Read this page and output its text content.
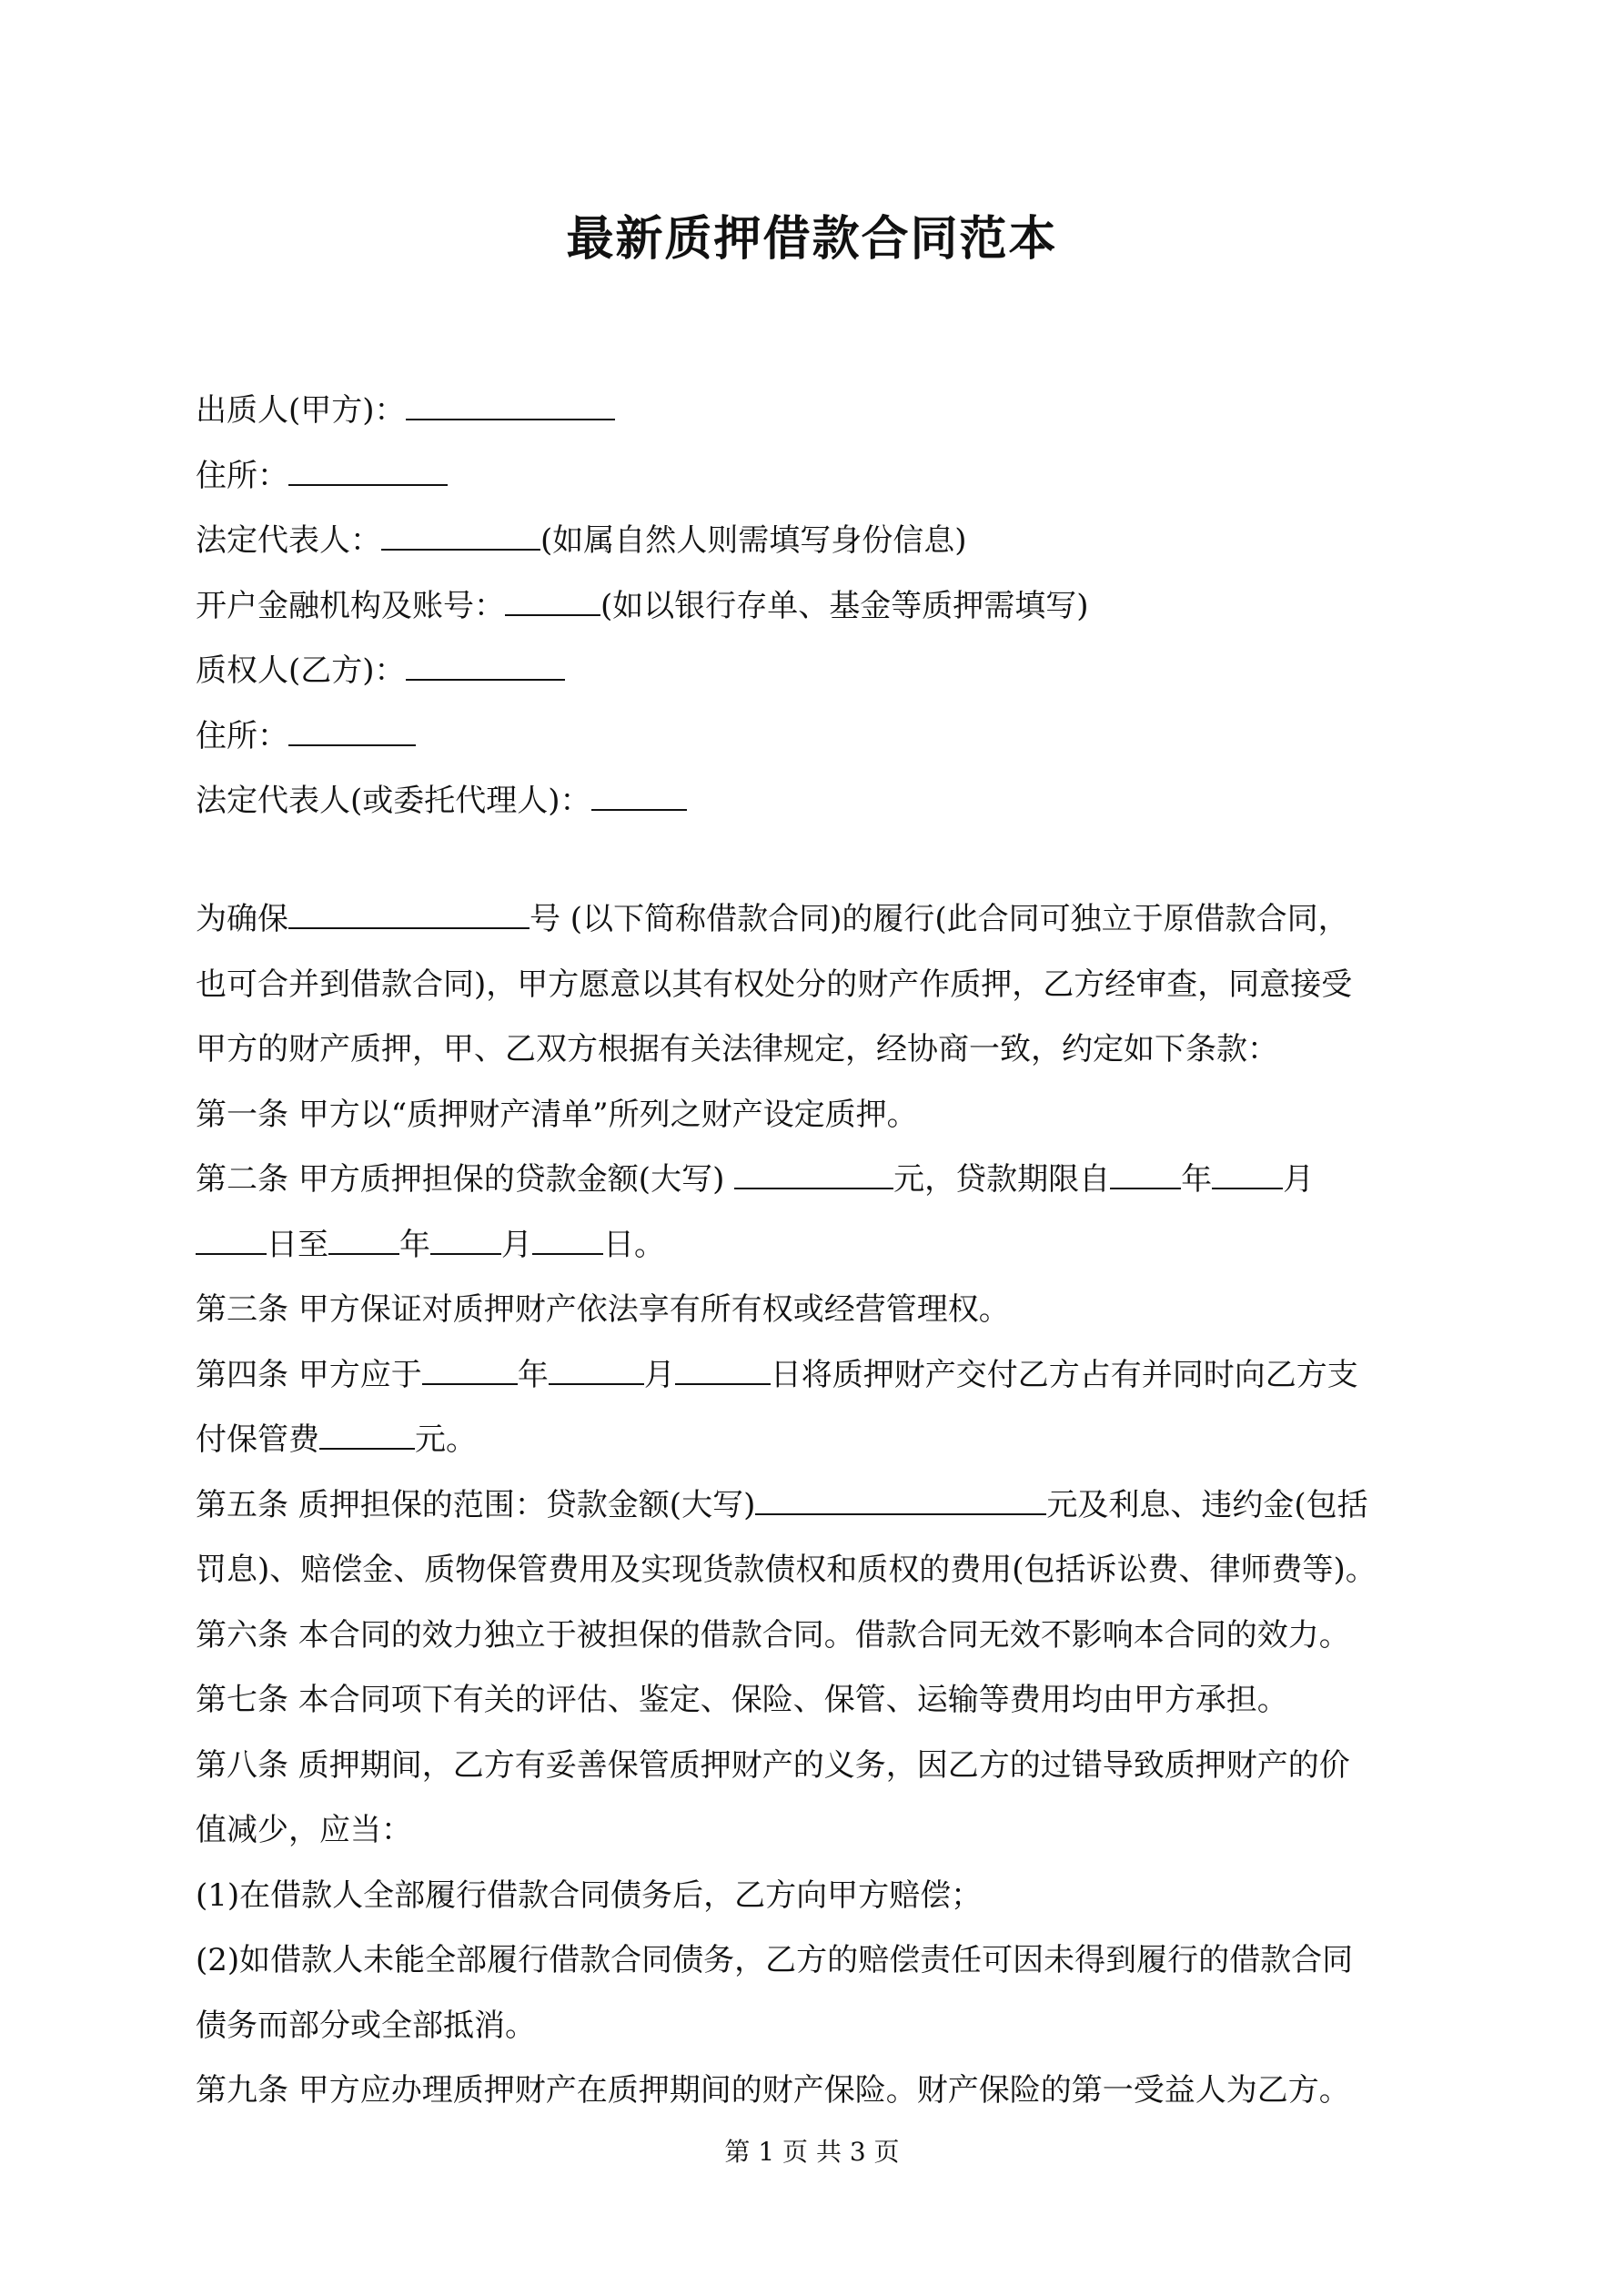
最新质押借款合同范本
出质人(甲方)：
住所：
法定代表人：	(如属自然人则需填写身份信息)
开户金融机构及账号：	(如以银行存单、基金等质押需填写)
质权人(乙方)：
住所：
法定代表人(或委托代理人)：
为确保	号 (以下简称借款合同)的履行(此合同可独立于原借款合同，
也可合并到借款合同)，甲方愿意以其有权处分的财产作质押，乙方经审查，同意接受
甲方的财产质押，甲、乙双方根据有关法律规定，经协商一致，约定如下条款：
第一条 甲方以“质押财产清单”所列之财产设定质押。
第二条 甲方质押担保的贷款金额(大写)	元，贷款期限自 年 月
日至 年 月 日。
第三条 甲方保证对质押财产依法享有所有权或经营管理权。
第四条 甲方应于	年	月	日将质押财产交付乙方占有并同时向乙方支
付保管费	元。
第五条 质押担保的范围：贷款金额(大写)	元及利息、违约金(包括
罚息)、赔偿金、质物保管费用及实现货款债权和质权的费用(包括诉讼费、律师费等)。
第六条 本合同的效力独立于被担保的借款合同。借款合同无效不影响本合同的效力。
第七条 本合同项下有关的评估、鉴定、保险、保管、运输等费用均由甲方承担。
第八条 质押期间，乙方有妥善保管质押财产的义务，因乙方的过错导致质押财产的价
值减少，应当：
(1)在借款人全部履行借款合同债务后，乙方向甲方赔偿；
(2)如借款人未能全部履行借款合同债务，乙方的赔偿责任可因未得到履行的借款合同
债务而部分或全部抵消。
第九条 甲方应办理质押财产在质押期间的财产保险。财产保险的第一受益人为乙方。
第 1 页 共 3 页
